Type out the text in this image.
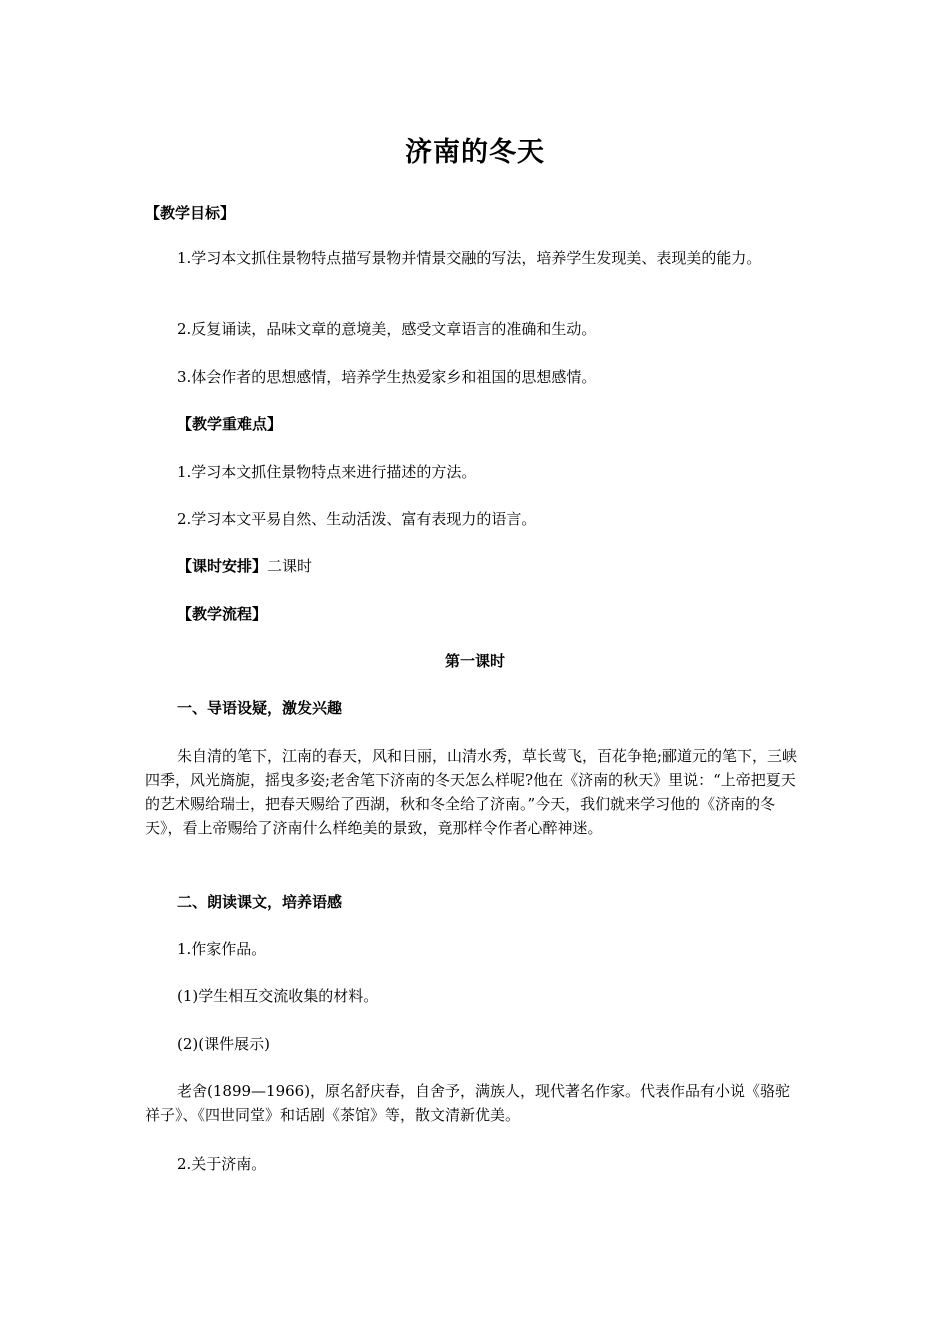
济南的冬天

【教学目标】

1.学习本文抓住景物特点描写景物并情景交融的写法，培养学生发现美、表现美的能力。

2.反复诵读，品味文章的意境美，感受文章语言的准确和生动。

3.体会作者的思想感情，培养学生热爱家乡和祖国的思想感情。

【教学重难点】

1.学习本文抓住景物特点来进行描述的方法。

2.学习本文平易自然、生动活泼、富有表现力的语言。

【课时安排】二课时

【教学流程】

第一课时

一、导语设疑，激发兴趣

朱自清的笔下，江南的春天，风和日丽，山清水秀，草长莺飞，百花争艳;郦道元的笔下，三峡四季，风光旖旎，摇曳多姿;老舍笔下济南的冬天怎么样呢?他在《济南的秋天》里说：“上帝把夏天的艺术赐给瑞士，把春天赐给了西湖，秋和冬全给了济南。”今天，我们就来学习他的《济南的冬天》，看上帝赐给了济南什么样绝美的景致，竟那样令作者心醉神迷。

二、朗读课文，培养语感

1.作家作品。

(1)学生相互交流收集的材料。

(2)(课件展示)

老舍(1899—1966)，原名舒庆春，自舍予，满族人，现代著名作家。代表作品有小说《骆驼祥子》、《四世同堂》和话剧《茶馆》等，散文清新优美。

2.关于济南。
